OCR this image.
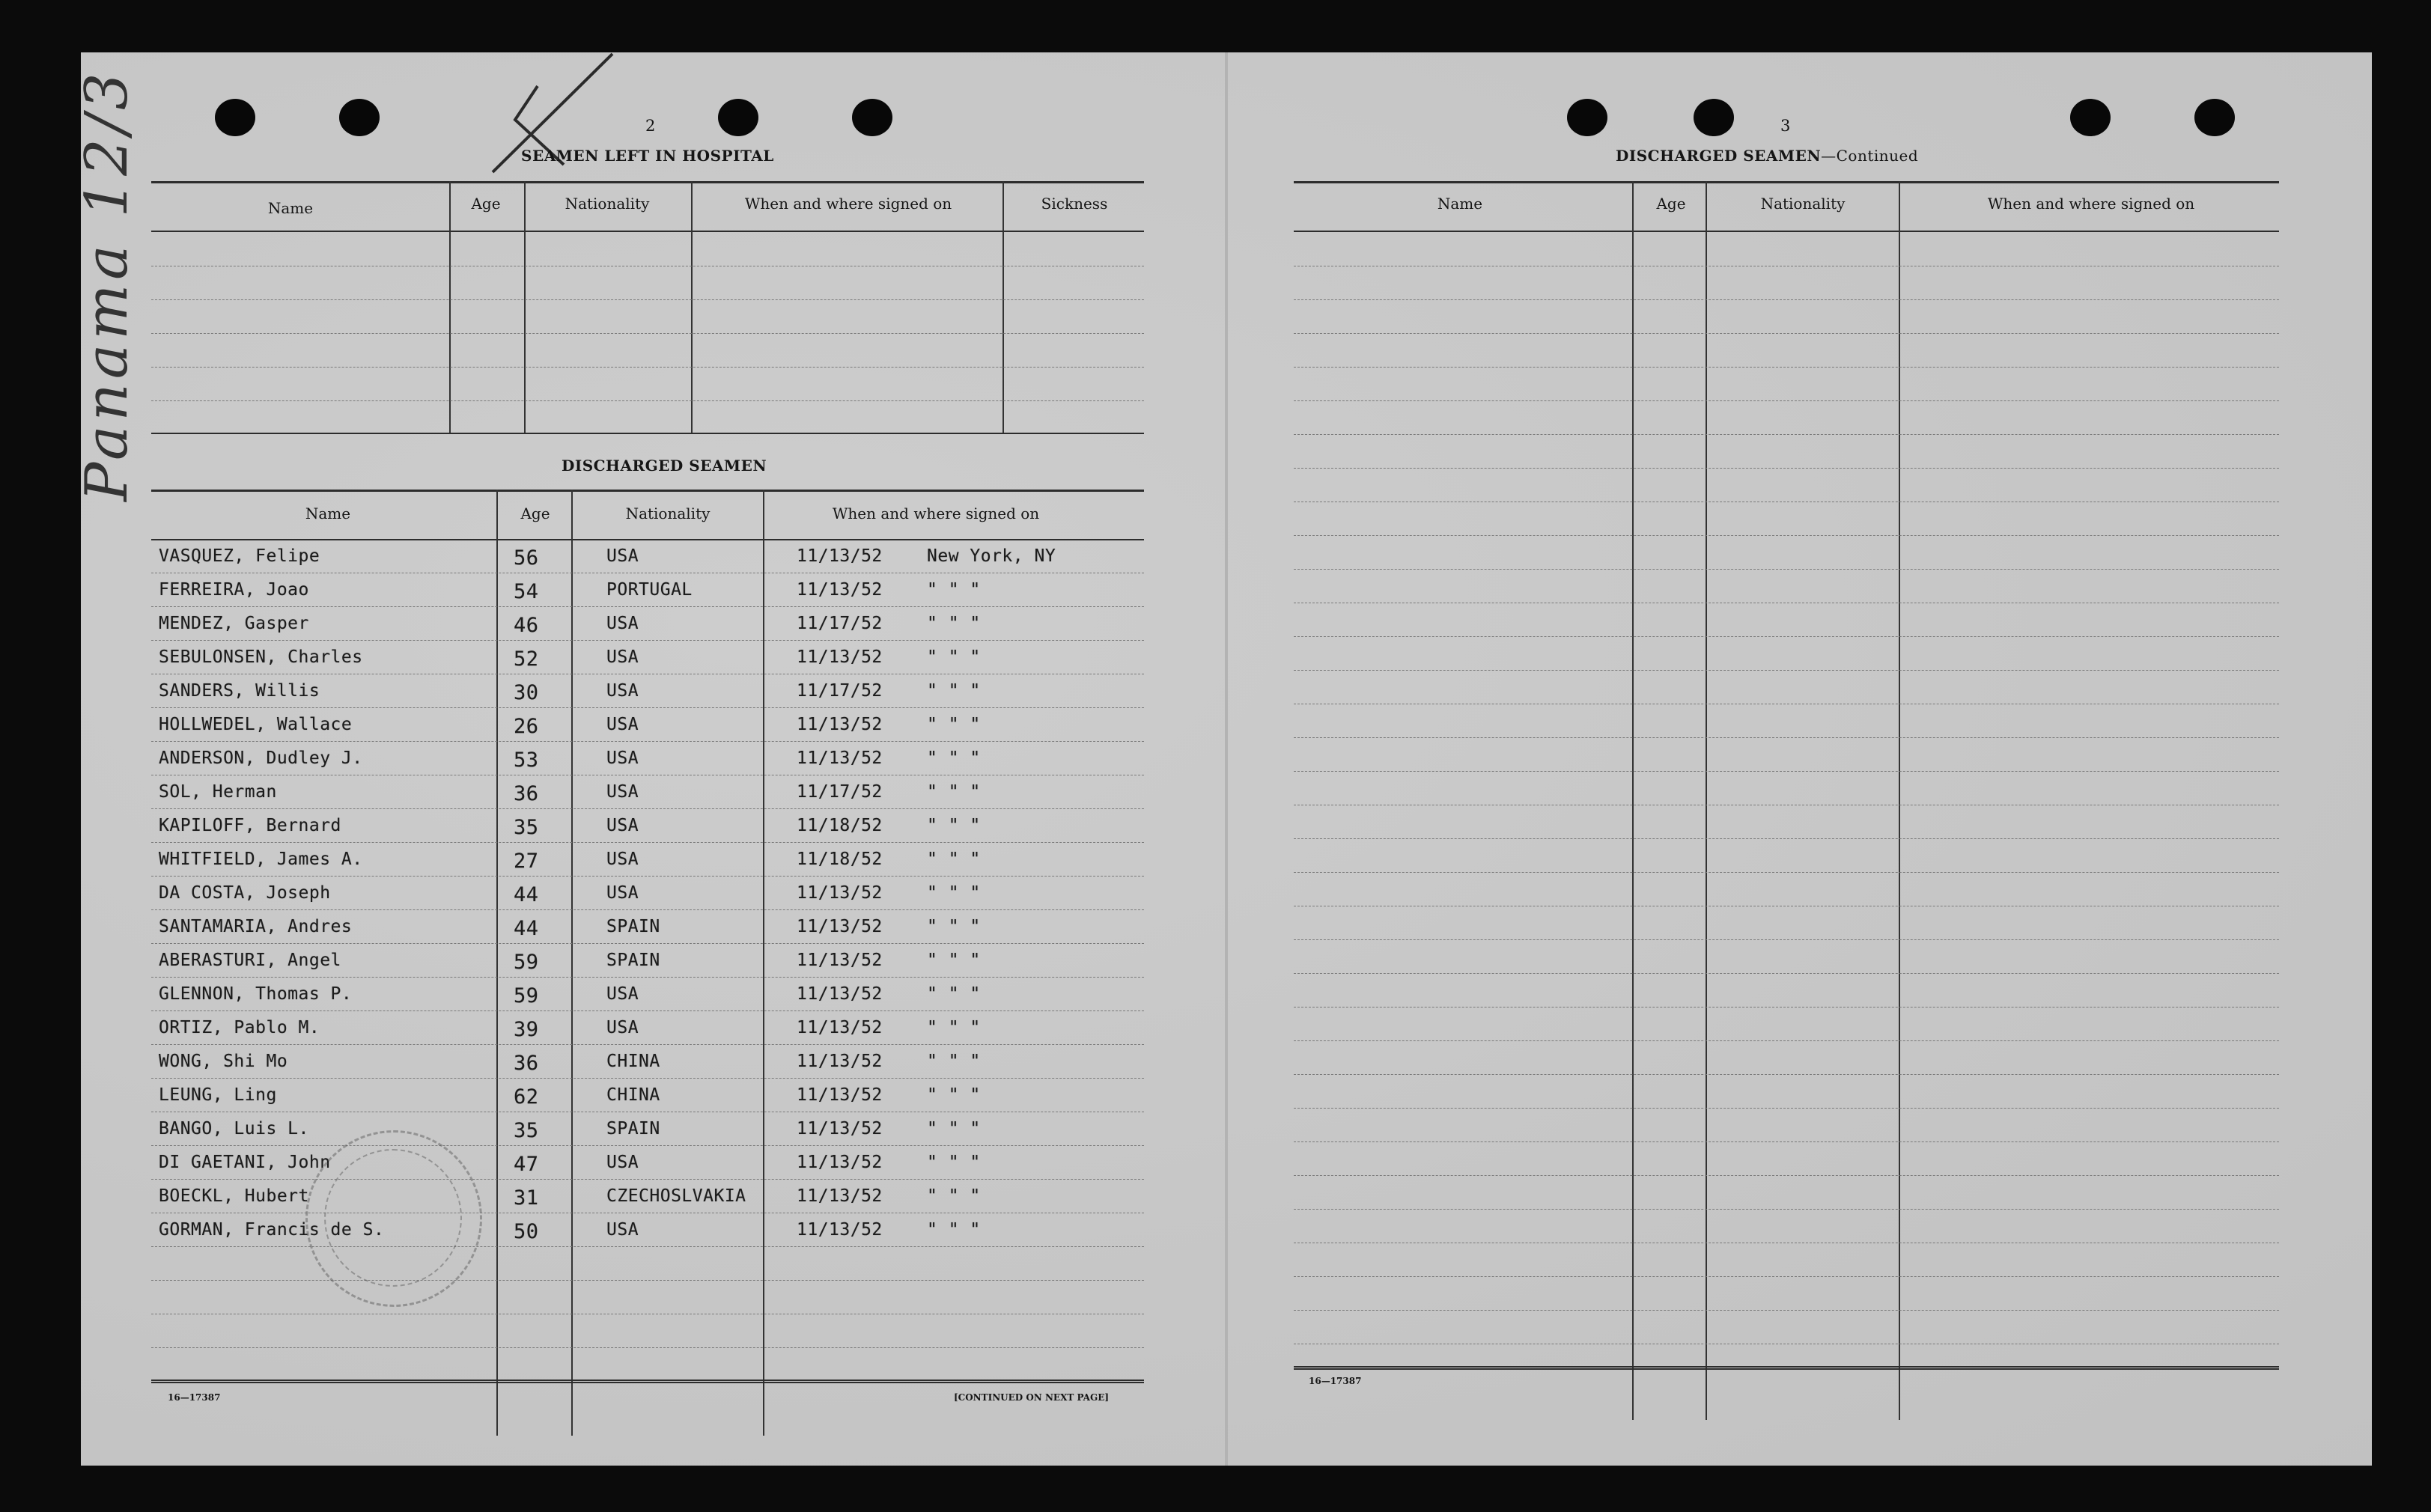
Panama 12/3	2
SEAMEN LEFT IN HOSPITAL
Name	Age	Nationality	When and where signed on	Sickness
DISCHARGED SEAMEN
Name	Age	Nationality	When and where signed on
VASQUEZ, Felipe	56	USA	11/13/52	New York, NY
FERREIRA, Joao	54	PORTUGAL	11/13/52	" " "
MENDEZ, Gasper	46	USA	11/17/52	" " "
SEBULONSEN, Charles	52	USA	11/13/52	" " "
SANDERS, Willis	30	USA	11/17/52	" " "
HOLLWEDEL, Wallace	26	USA	11/13/52	" " "
ANDERSON, Dudley J.	53	USA	11/13/52	" " "
SOL, Herman	36	USA	11/17/52	" " "
KAPILOFF, Bernard	35	USA	11/18/52	" " "
WHITFIELD, James A.	27	USA	11/18/52	" " "
DA COSTA, Joseph	44	USA	11/13/52	" " "
SANTAMARIA, Andres	44	SPAIN	11/13/52	" " "
ABERASTURI, Angel	59	SPAIN	11/13/52	" " "
GLENNON, Thomas P.	59	USA	11/13/52	" " "
ORTIZ, Pablo M.	39	USA	11/13/52	" " "
WONG, Shi Mo	36	CHINA	11/13/52	" " "
LEUNG, Ling	62	CHINA	11/13/52	" " "
BANGO, Luis L.	35	SPAIN	11/13/52	" " "
DI GAETANI, John	47	USA	11/13/52	" " "
BOECKL, Hubert	31	CZECHOSLVAKIA	11/13/52	" " "
GORMAN, Francis de S.	50	USA	11/13/52	" " "
16—17387	[CONTINUED ON NEXT PAGE]
3
DISCHARGED SEAMEN—Continued
Name	Age	Nationality	When and where signed on
16—17387
